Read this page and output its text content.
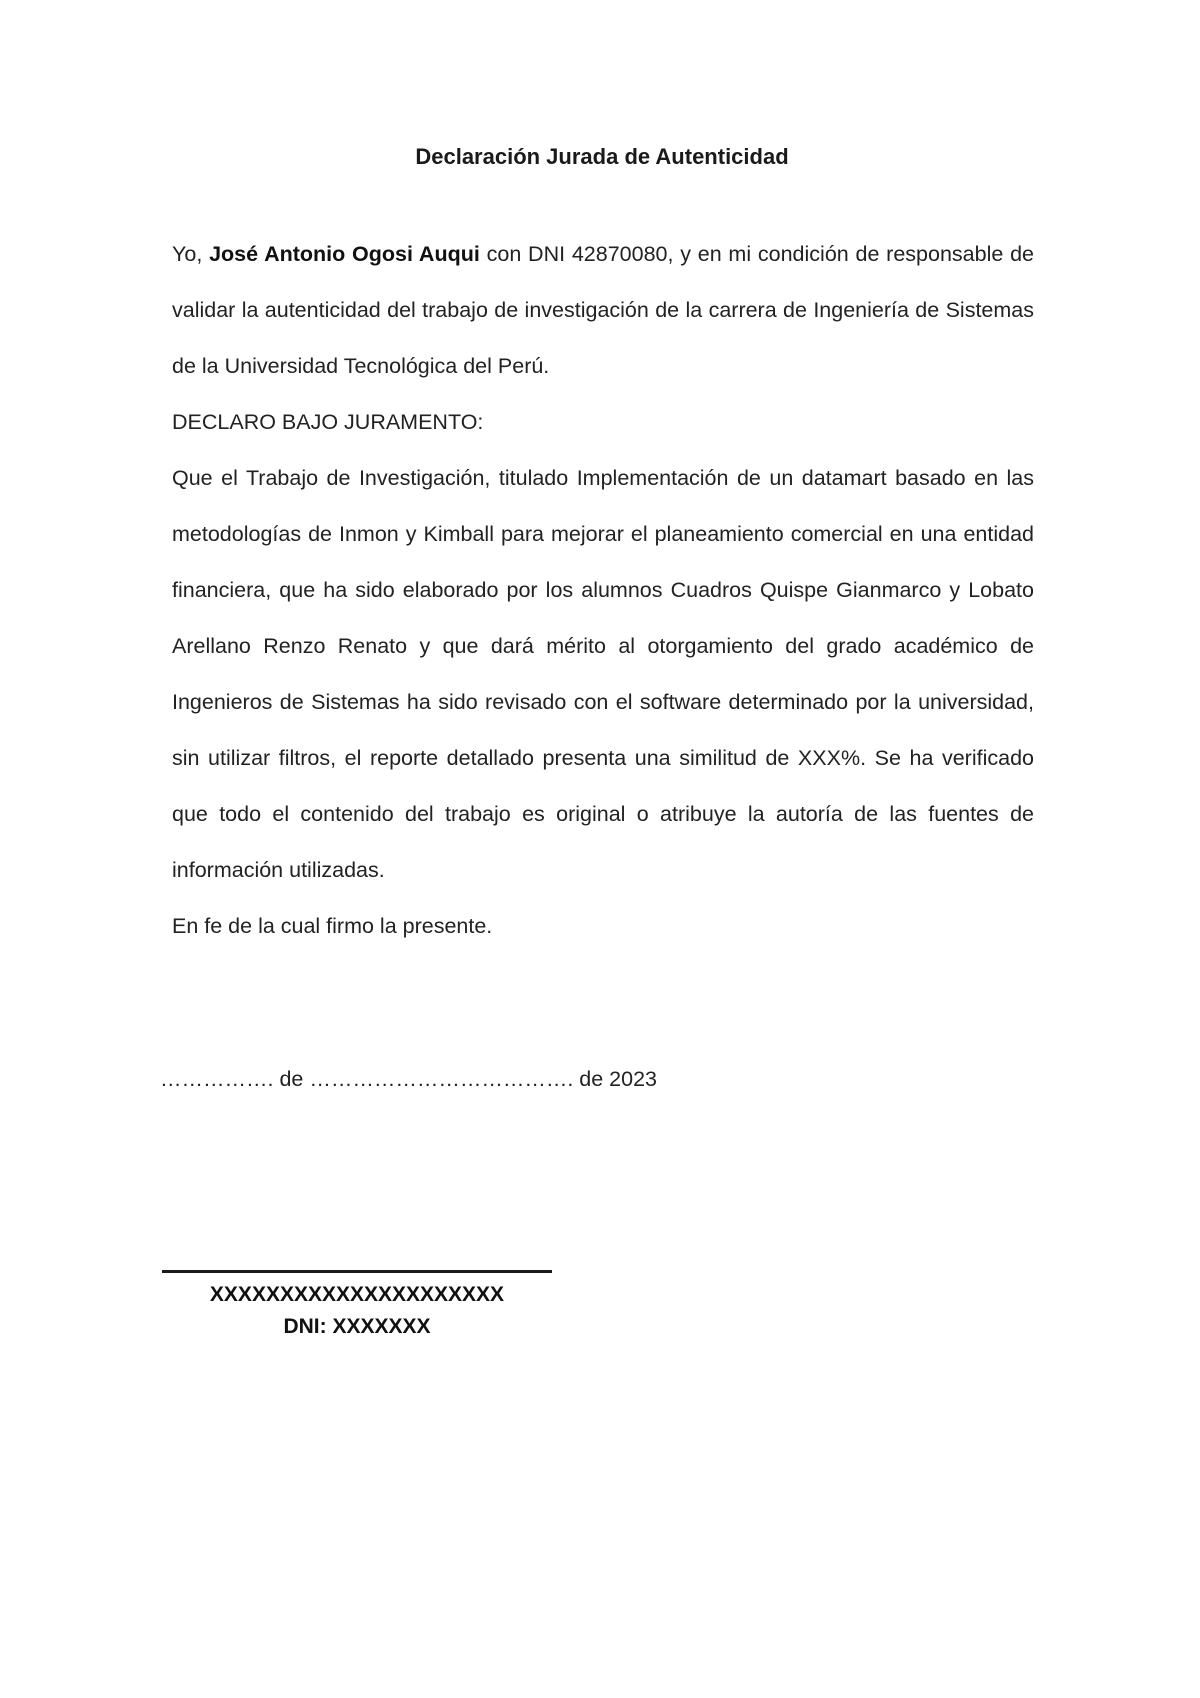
Declaración Jurada de Autenticidad

Yo, José Antonio Ogosi Auqui con DNI 42870080, y en mi condición de responsable de validar la autenticidad del trabajo de investigación de la carrera de Ingeniería de Sistemas de la Universidad Tecnológica del Perú.

DECLARO BAJO JURAMENTO:

Que el Trabajo de Investigación, titulado Implementación de un datamart basado en las metodologías de Inmon y Kimball para mejorar el planeamiento comercial en una entidad financiera, que ha sido elaborado por los alumnos Cuadros Quispe Gianmarco y Lobato Arellano Renzo Renato y que dará mérito al otorgamiento del grado académico de Ingenieros de Sistemas ha sido revisado con el software determinado por la universidad, sin utilizar filtros, el reporte detallado presenta una similitud de XXX%. Se ha verificado que todo el contenido del trabajo es original o atribuye la autoría de las fuentes de información utilizadas.

En fe de la cual firmo la presente.

……………. de ………………………………. de 2023
XXXXXXXXXXXXXXXXXXXXX
DNI: XXXXXXX
